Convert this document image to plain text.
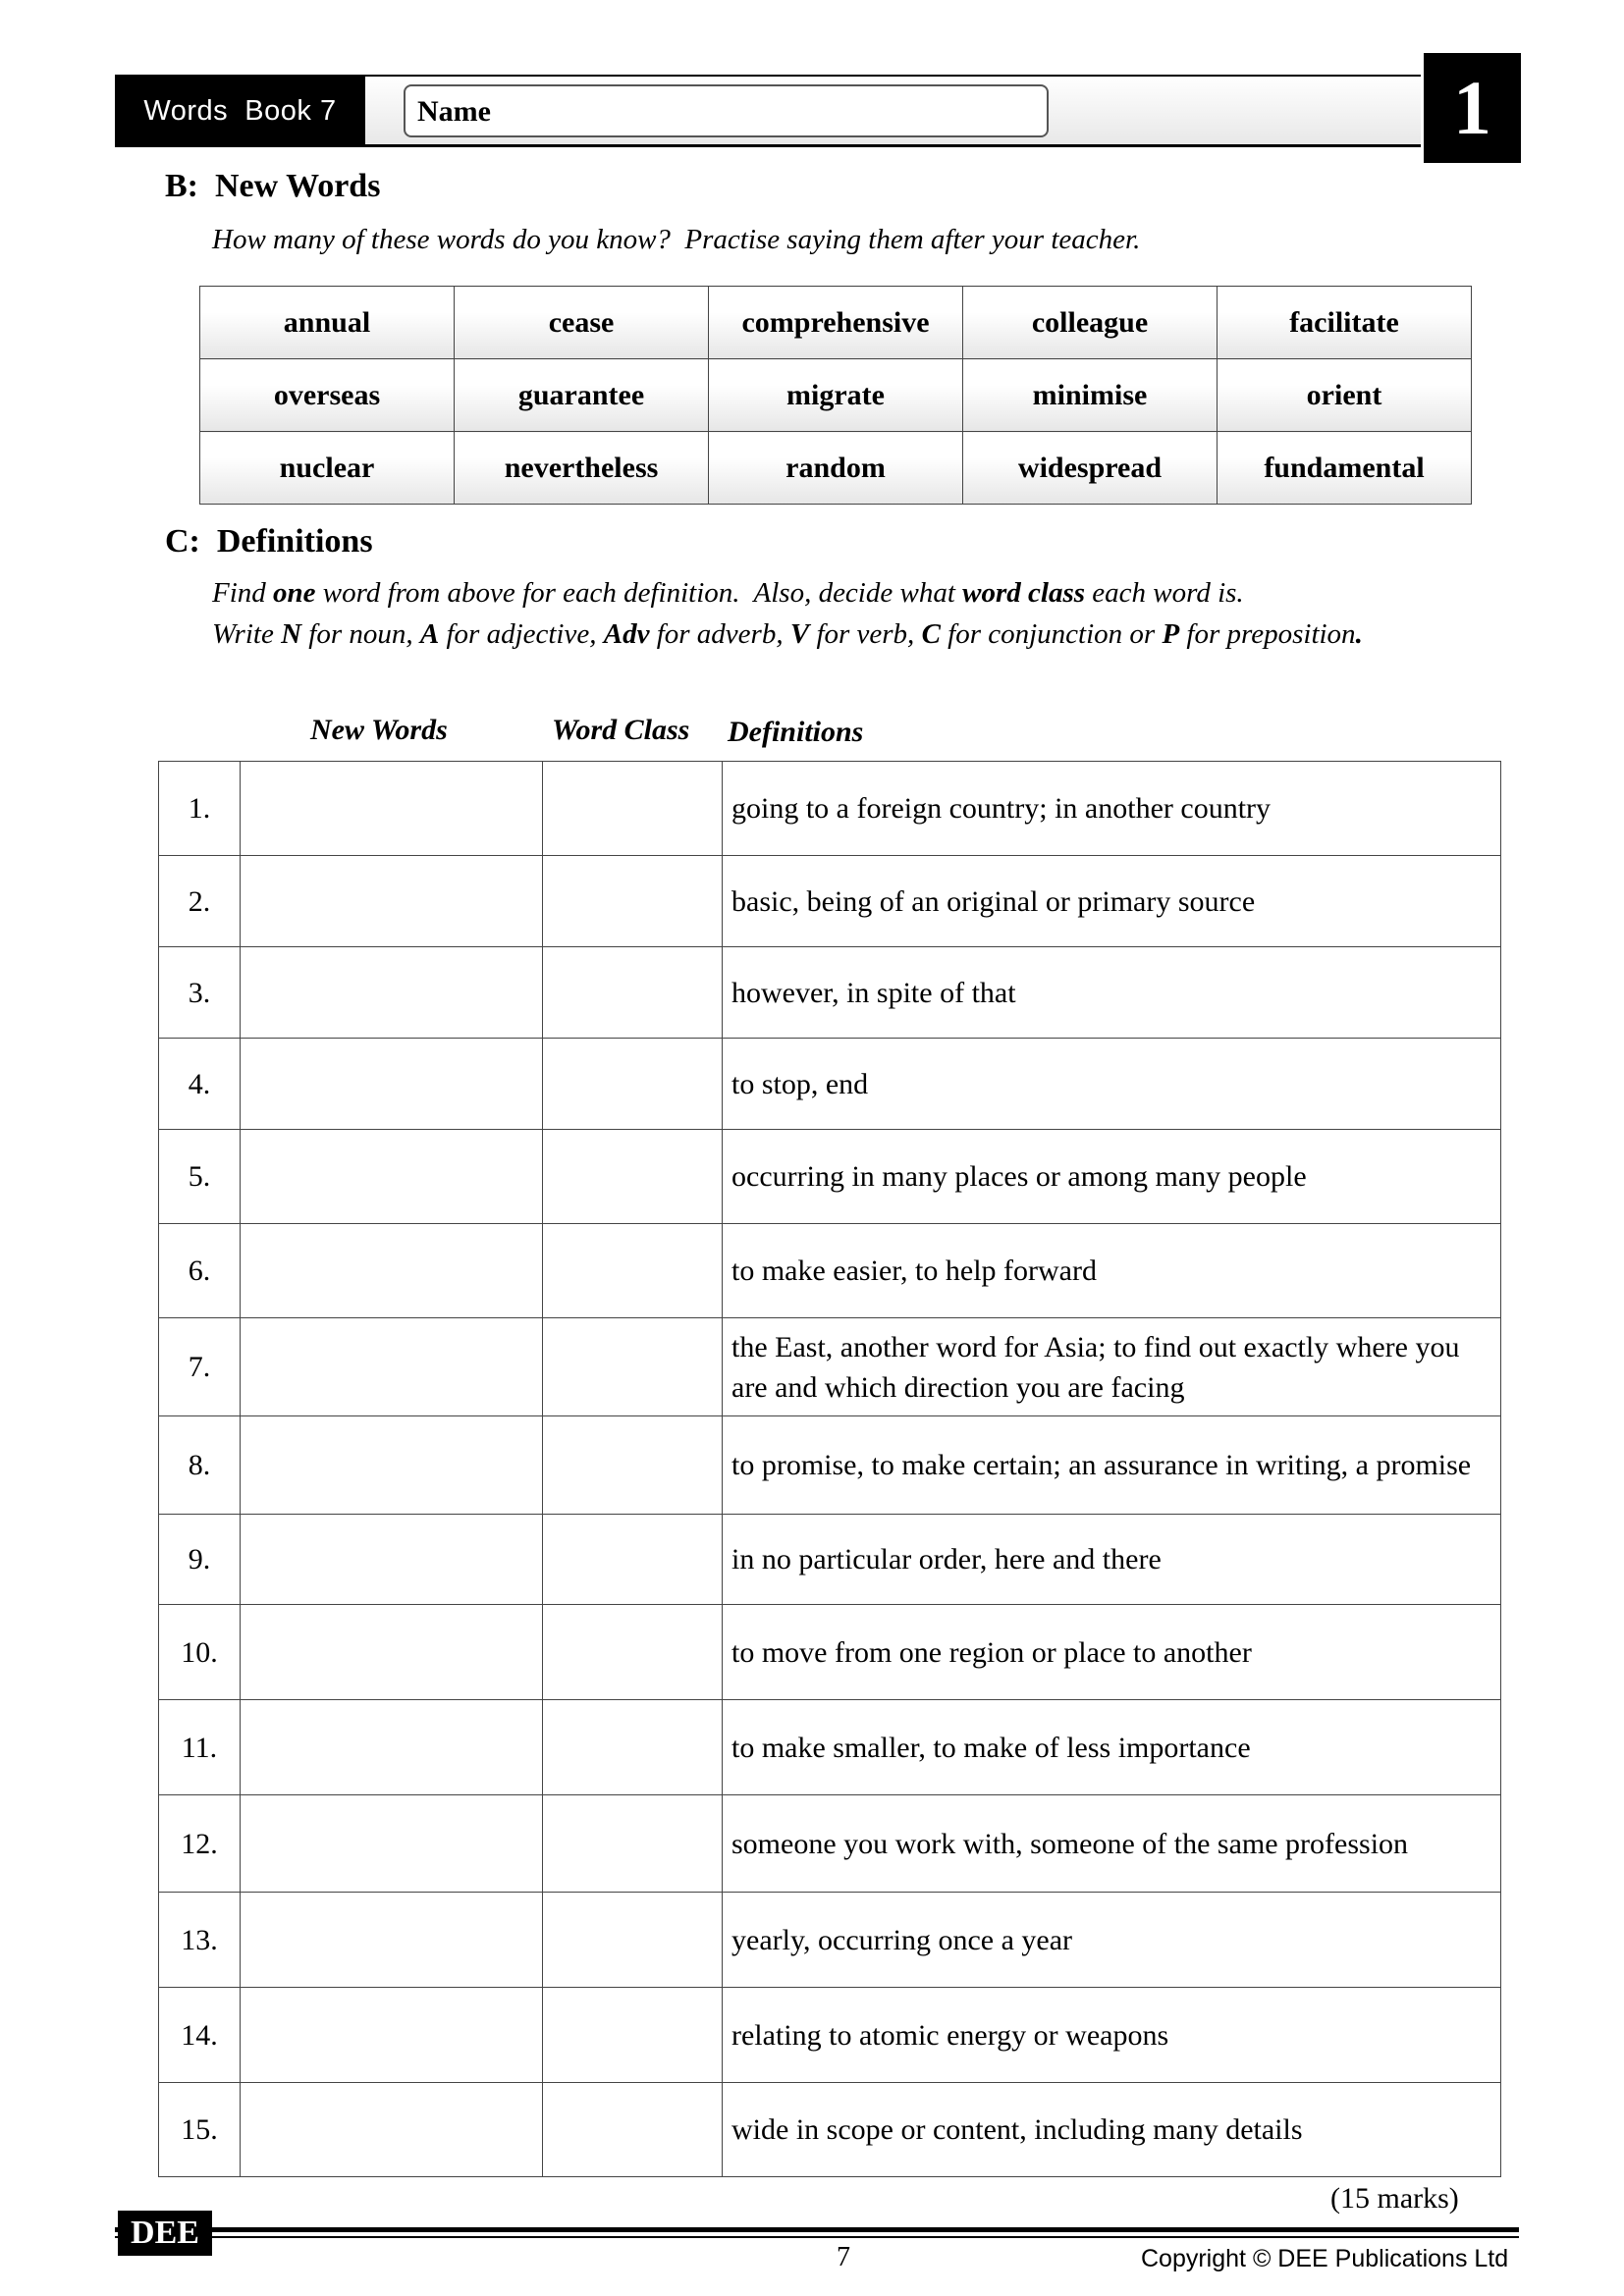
Words  Book 7	Name	1
B:  New Words
How many of these words do you know?  Practise saying them after your teacher.
annual	cease	comprehensive	colleague	facilitate
overseas	guarantee	migrate	minimise	orient
nuclear	nevertheless	random	widespread	fundamental
C:  Definitions
Find one word from above for each definition.  Also, decide what word class each word is.
Write N for noun, A for adjective, Adv for adverb, V for verb, C for conjunction or P for preposition.
New Words	Word Class Definitions
1.			going to a foreign country; in another country
2.			basic, being of an original or primary source
3.			however, in spite of that
4.			to stop, end
5.			occurring in many places or among many people
6.			to make easier, to help forward
7.			the East, another word for Asia; to find out exactly where you are and which direction you are facing
8.			to promise, to make certain; an assurance in writing, a promise
9.			in no particular order, here and there
10.			to move from one region or place to another
11.			to make smaller, to make of less importance
12.			someone you work with, someone of the same profession
13.			yearly, occurring once a year
14.			relating to atomic energy or weapons
15.			wide in scope or content, including many details
(15 marks)
DEE
7	Copyright © DEE Publications Ltd
